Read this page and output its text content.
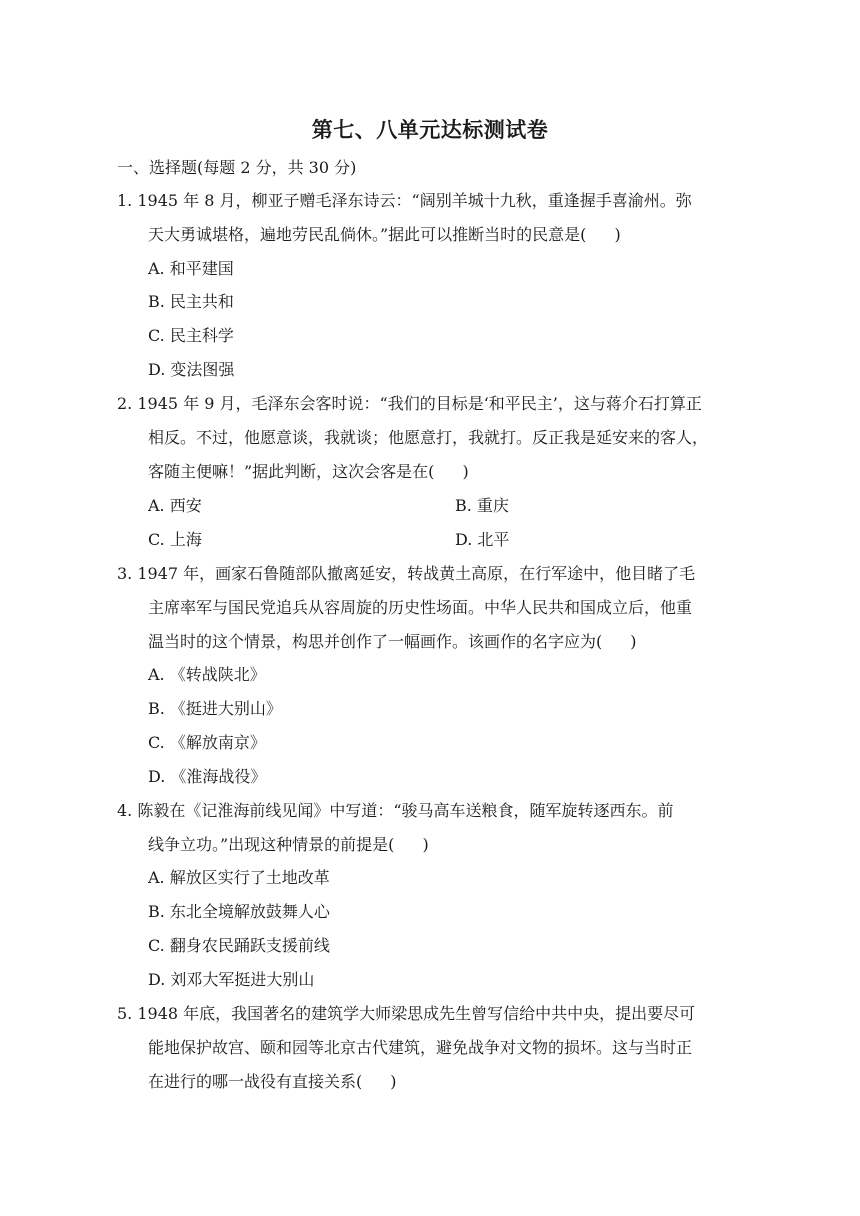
第七、八单元达标测试卷
一、选择题(每题 2 分，共 30 分)
1. 1945 年 8 月，柳亚子赠毛泽东诗云：“阔别羊城十九秋，重逢握手喜渝州。弥
天大勇诚堪格，遍地劳民乱倘休。”据此可以推断当时的民意是( )
A. 和平建国
B. 民主共和
C. 民主科学
D. 变法图强
2. 1945 年 9 月，毛泽东会客时说：“我们的目标是‘和平民主’，这与蒋介石打算正
相反。不过，他愿意谈，我就谈；他愿意打，我就打。反正我是延安来的客人，
客随主便嘛！”据此判断，这次会客是在( )
A. 西安	B. 重庆
C. 上海	D. 北平
3. 1947 年，画家石鲁随部队撤离延安，转战黄土高原，在行军途中，他目睹了毛
主席率军与国民党追兵从容周旋的历史性场面。中华人民共和国成立后，他重
温当时的这个情景，构思并创作了一幅画作。该画作的名字应为( )
A. 《转战陕北》
B. 《挺进大别山》
C. 《解放南京》
D. 《淮海战役》
4. 陈毅在《记淮海前线见闻》中写道：“骏马高车送粮食，随军旋转逐西东。前
线争立功。”出现这种情景的前提是( )
A. 解放区实行了土地改革
B. 东北全境解放鼓舞人心
C. 翻身农民踊跃支援前线
D. 刘邓大军挺进大别山
5. 1948 年底，我国著名的建筑学大师梁思成先生曾写信给中共中央，提出要尽可
能地保护故宫、颐和园等北京古代建筑，避免战争对文物的损坏。这与当时正
在进行的哪一战役有直接关系( )
